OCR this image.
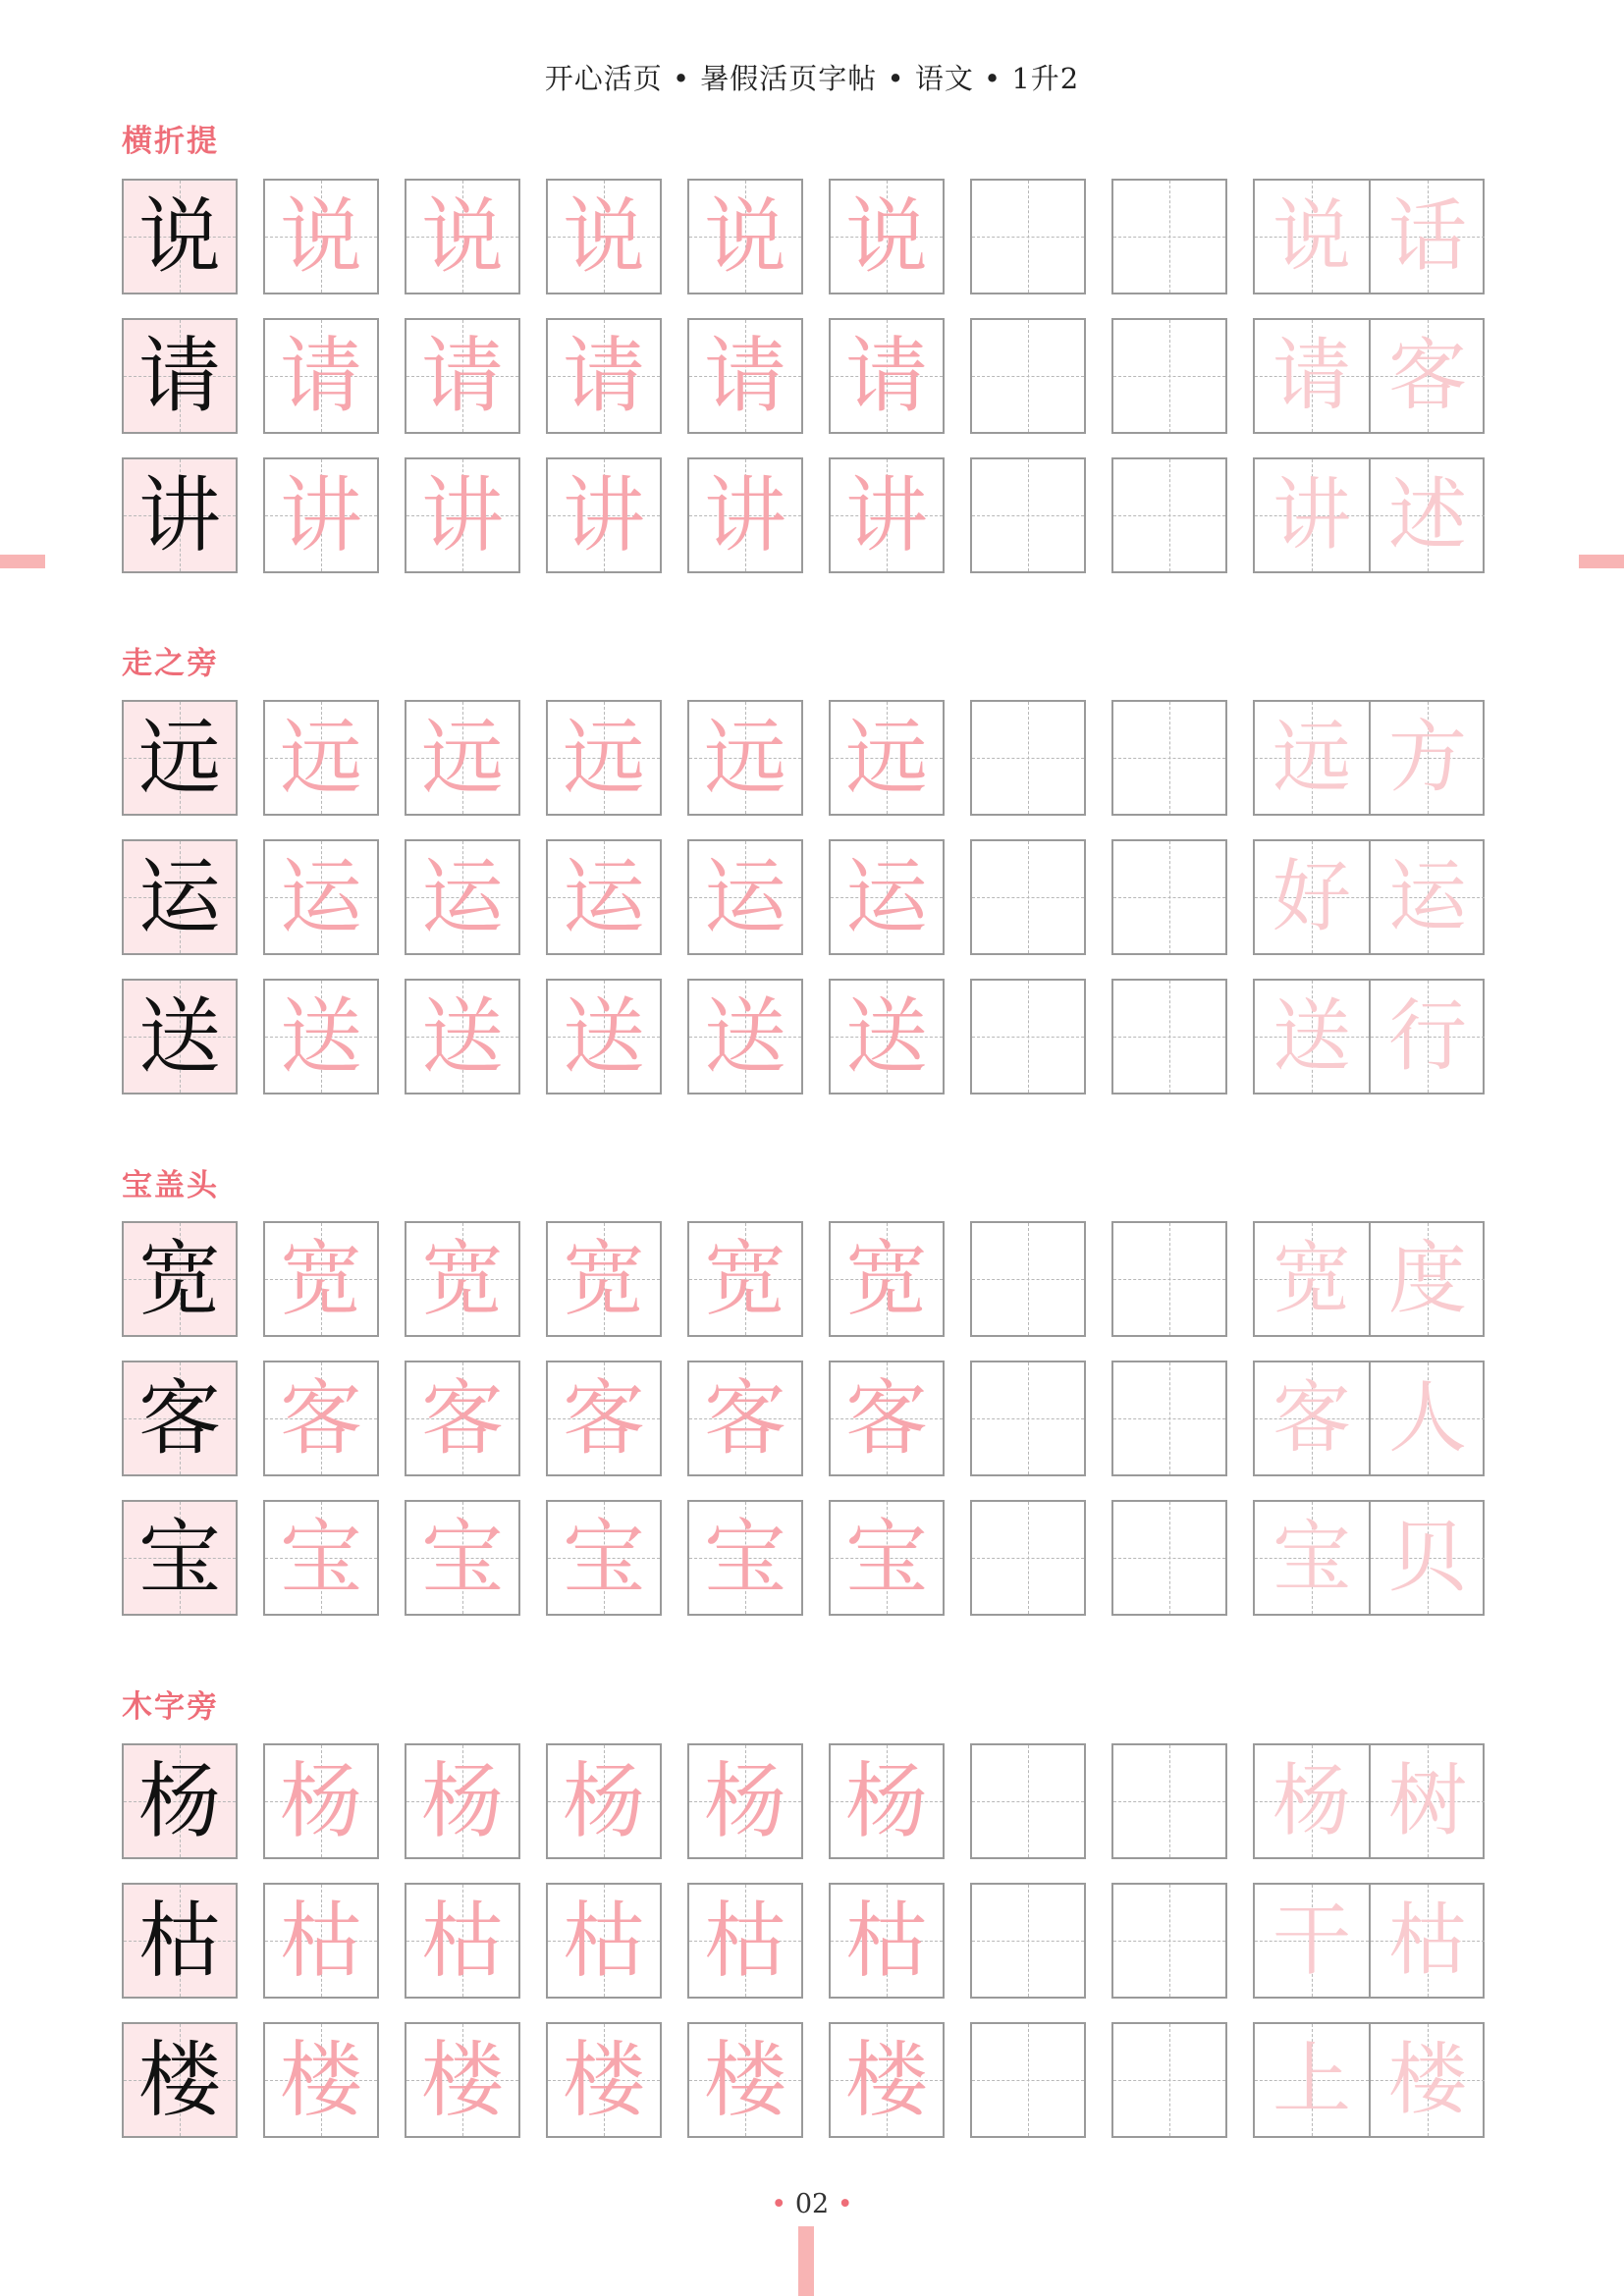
开心活页 • 暑假活页字帖 • 语文 • 1升2
横折提
说 说 说 说 说 说	说 话
请 请 请 请 请 请	请 客
讲 讲 讲 讲 讲 讲	讲 述
走之旁
远 远 远 远 远 远	远 方
运 运 运 运 运 运	好 运
送 送 送 送 送 送	送 行
宝盖头
宽 宽 宽 宽 宽 宽	宽 度
客 客 客 客 客 客	客 人
宝 宝 宝 宝 宝 宝	宝 贝
木字旁
杨 杨 杨 杨 杨 杨	杨 树
枯 枯 枯 枯 枯 枯	干 枯
楼 楼 楼 楼 楼 楼	上 楼
• 02 •
